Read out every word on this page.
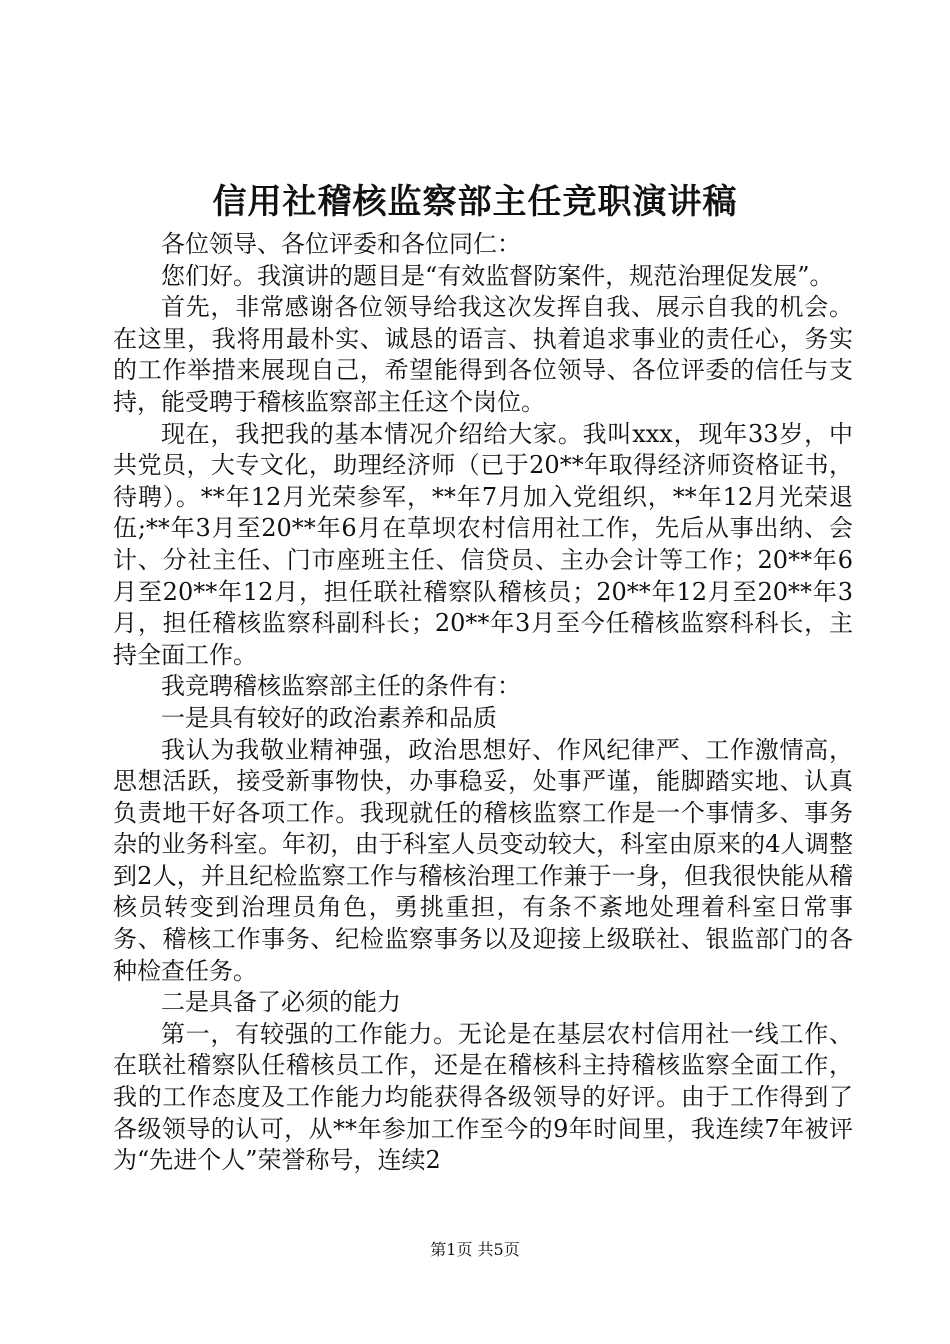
信用社稽核监察部主任竞职演讲稿

各位领导、各位评委和各位同仁：

您们好。我演讲的题目是“有效监督防案件，规范治理促发展”。

首先，非常感谢各位领导给我这次发挥自我、展示自我的机会。在这里，我将用最朴实、诚恳的语言、执着追求事业的责任心，务实的工作举措来展现自己，希望能得到各位领导、各位评委的信任与支持，能受聘于稽核监察部主任这个岗位。

现在，我把我的基本情况介绍给大家。我叫xxx，现年33岁，中共党员，大专文化，助理经济师（已于20**年取得经济师资格证书，待聘）。**年12月光荣参军，**年7月加入党组织，**年12月光荣退伍;**年3月至20**年6月在草坝农村信用社工作，先后从事出纳、会计、分社主任、门市座班主任、信贷员、主办会计等工作；20**年6月至20**年12月，担任联社稽察队稽核员；20**年12月至20**年3月，担任稽核监察科副科长；20**年3月至今任稽核监察科科长，主持全面工作。

我竞聘稽核监察部主任的条件有：

一是具有较好的政治素养和品质

我认为我敬业精神强，政治思想好、作风纪律严、工作激情高，思想活跃，接受新事物快，办事稳妥，处事严谨，能脚踏实地、认真负责地干好各项工作。我现就任的稽核监察工作是一个事情多、事务杂的业务科室。年初，由于科室人员变动较大，科室由原来的4人调整到2人，并且纪检监察工作与稽核治理工作兼于一身，但我很快能从稽核员转变到治理员角色，勇挑重担，有条不紊地处理着科室日常事务、稽核工作事务、纪检监察事务以及迎接上级联社、银监部门的各种检查任务。

二是具备了必须的能力

第一，有较强的工作能力。无论是在基层农村信用社一线工作、在联社稽察队任稽核员工作，还是在稽核科主持稽核监察全面工作，我的工作态度及工作能力均能获得各级领导的好评。由于工作得到了各级领导的认可，从**年参加工作至今的9年时间里，我连续7年被评为“先进个人”荣誉称号，连续2

第1页 共5页
